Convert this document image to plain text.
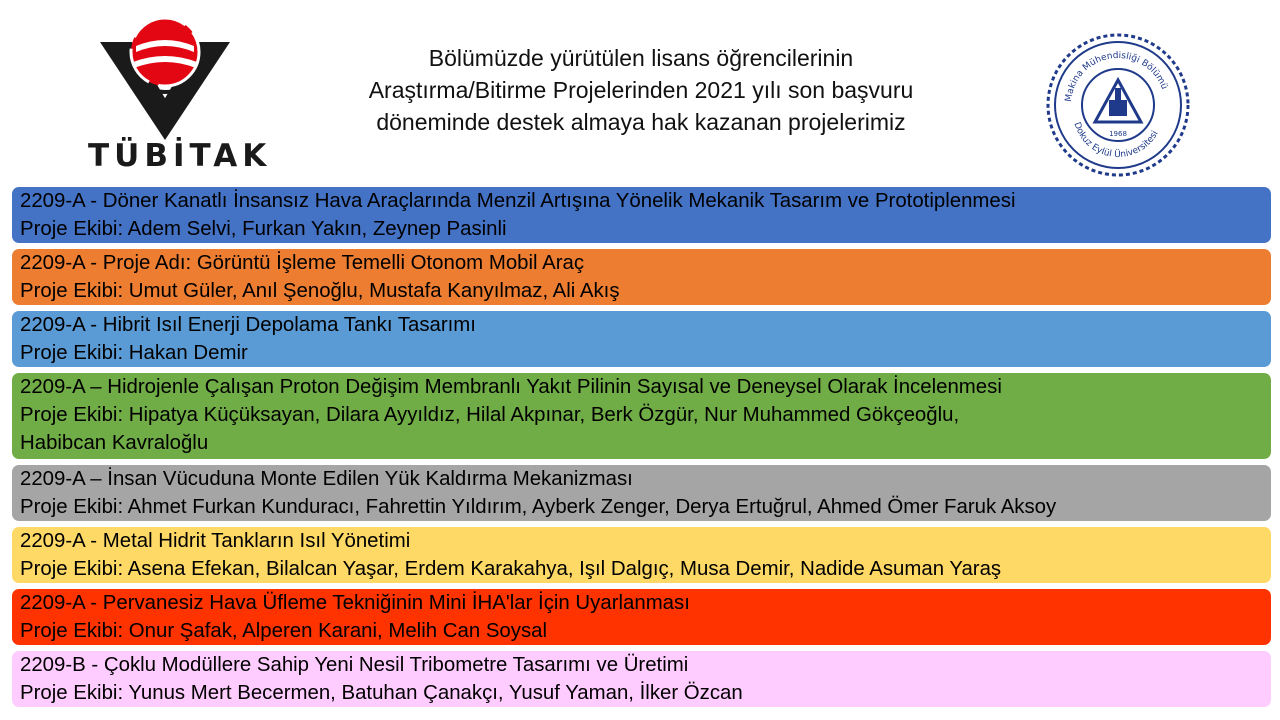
TÜBİTAK
Bölümüzde yürütülen lisans öğrencilerinin
Araştırma/Bitirme Projelerinden 2021 yılı son başvuru
döneminde destek almaya hak kazanan projelerimiz
Makina Mühendisliği Bölümü
Dokuz Eylül Üniversitesi
1968
2209-A - Döner Kanatlı İnsansız Hava Araçlarında Menzil Artışına Yönelik Mekanik Tasarım ve Prototiplenmesi
Proje Ekibi: Adem Selvi, Furkan Yakın, Zeynep Pasinli
2209-A - Proje Adı: Görüntü İşleme Temelli Otonom Mobil Araç
Proje Ekibi: Umut Güler, Anıl Şenoğlu, Mustafa Kanyılmaz, Ali Akış
2209-A - Hibrit Isıl Enerji Depolama Tankı Tasarımı
Proje Ekibi: Hakan Demir
2209-A – Hidrojenle Çalışan Proton Değişim Membranlı Yakıt Pilinin Sayısal ve Deneysel Olarak İncelenmesi
Proje Ekibi: Hipatya Küçüksayan, Dilara Ayyıldız, Hilal Akpınar, Berk Özgür, Nur Muhammed Gökçeoğlu,
Habibcan Kavraloğlu
2209-A – İnsan Vücuduna Monte Edilen Yük Kaldırma Mekanizması
Proje Ekibi: Ahmet Furkan Kunduracı, Fahrettin Yıldırım, Ayberk Zenger, Derya Ertuğrul, Ahmed Ömer Faruk Aksoy
2209-A - Metal Hidrit Tankların Isıl Yönetimi
Proje Ekibi: Asena Efekan, Bilalcan Yaşar, Erdem Karakahya, Işıl Dalgıç, Musa Demir, Nadide Asuman Yaraş
2209-A - Pervanesiz Hava Üfleme Tekniğinin Mini İHA'lar İçin Uyarlanması
Proje Ekibi: Onur Şafak, Alperen Karani, Melih Can Soysal
2209-B - Çoklu Modüllere Sahip Yeni Nesil Tribometre Tasarımı ve Üretimi
Proje Ekibi: Yunus Mert Becermen, Batuhan Çanakçı, Yusuf Yaman, İlker Özcan
